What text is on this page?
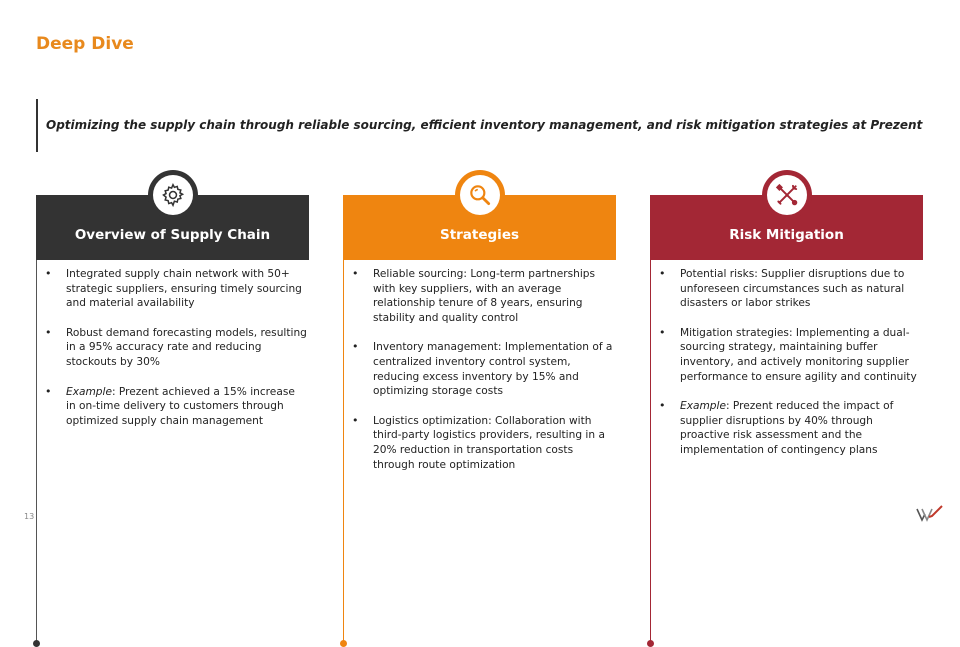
Deep Dive
Optimizing the supply chain through reliable sourcing, efficient inventory management, and risk mitigation strategies at Prezent
Overview of Supply Chain
• Integrated supply chain network with 50+ strategic suppliers, ensuring timely sourcing and material availability
• Robust demand forecasting models, resulting in a 95% accuracy rate and reducing stockouts by 30%
• Example: Prezent achieved a 15% increase in on-time delivery to customers through optimized supply chain management
Strategies
• Reliable sourcing: Long-term partnerships with key suppliers, with an average relationship tenure of 8 years, ensuring stability and quality control
• Inventory management: Implementation of a centralized inventory control system, reducing excess inventory by 15% and optimizing storage costs
• Logistics optimization: Collaboration with third-party logistics providers, resulting in a 20% reduction in transportation costs through route optimization
Risk Mitigation
• Potential risks: Supplier disruptions due to unforeseen circumstances such as natural disasters or labor strikes
• Mitigation strategies: Implementing a dual-sourcing strategy, maintaining buffer inventory, and actively monitoring supplier performance to ensure agility and continuity
• Example: Prezent reduced the impact of supplier disruptions by 40% through proactive risk assessment and the implementation of contingency plans
13
